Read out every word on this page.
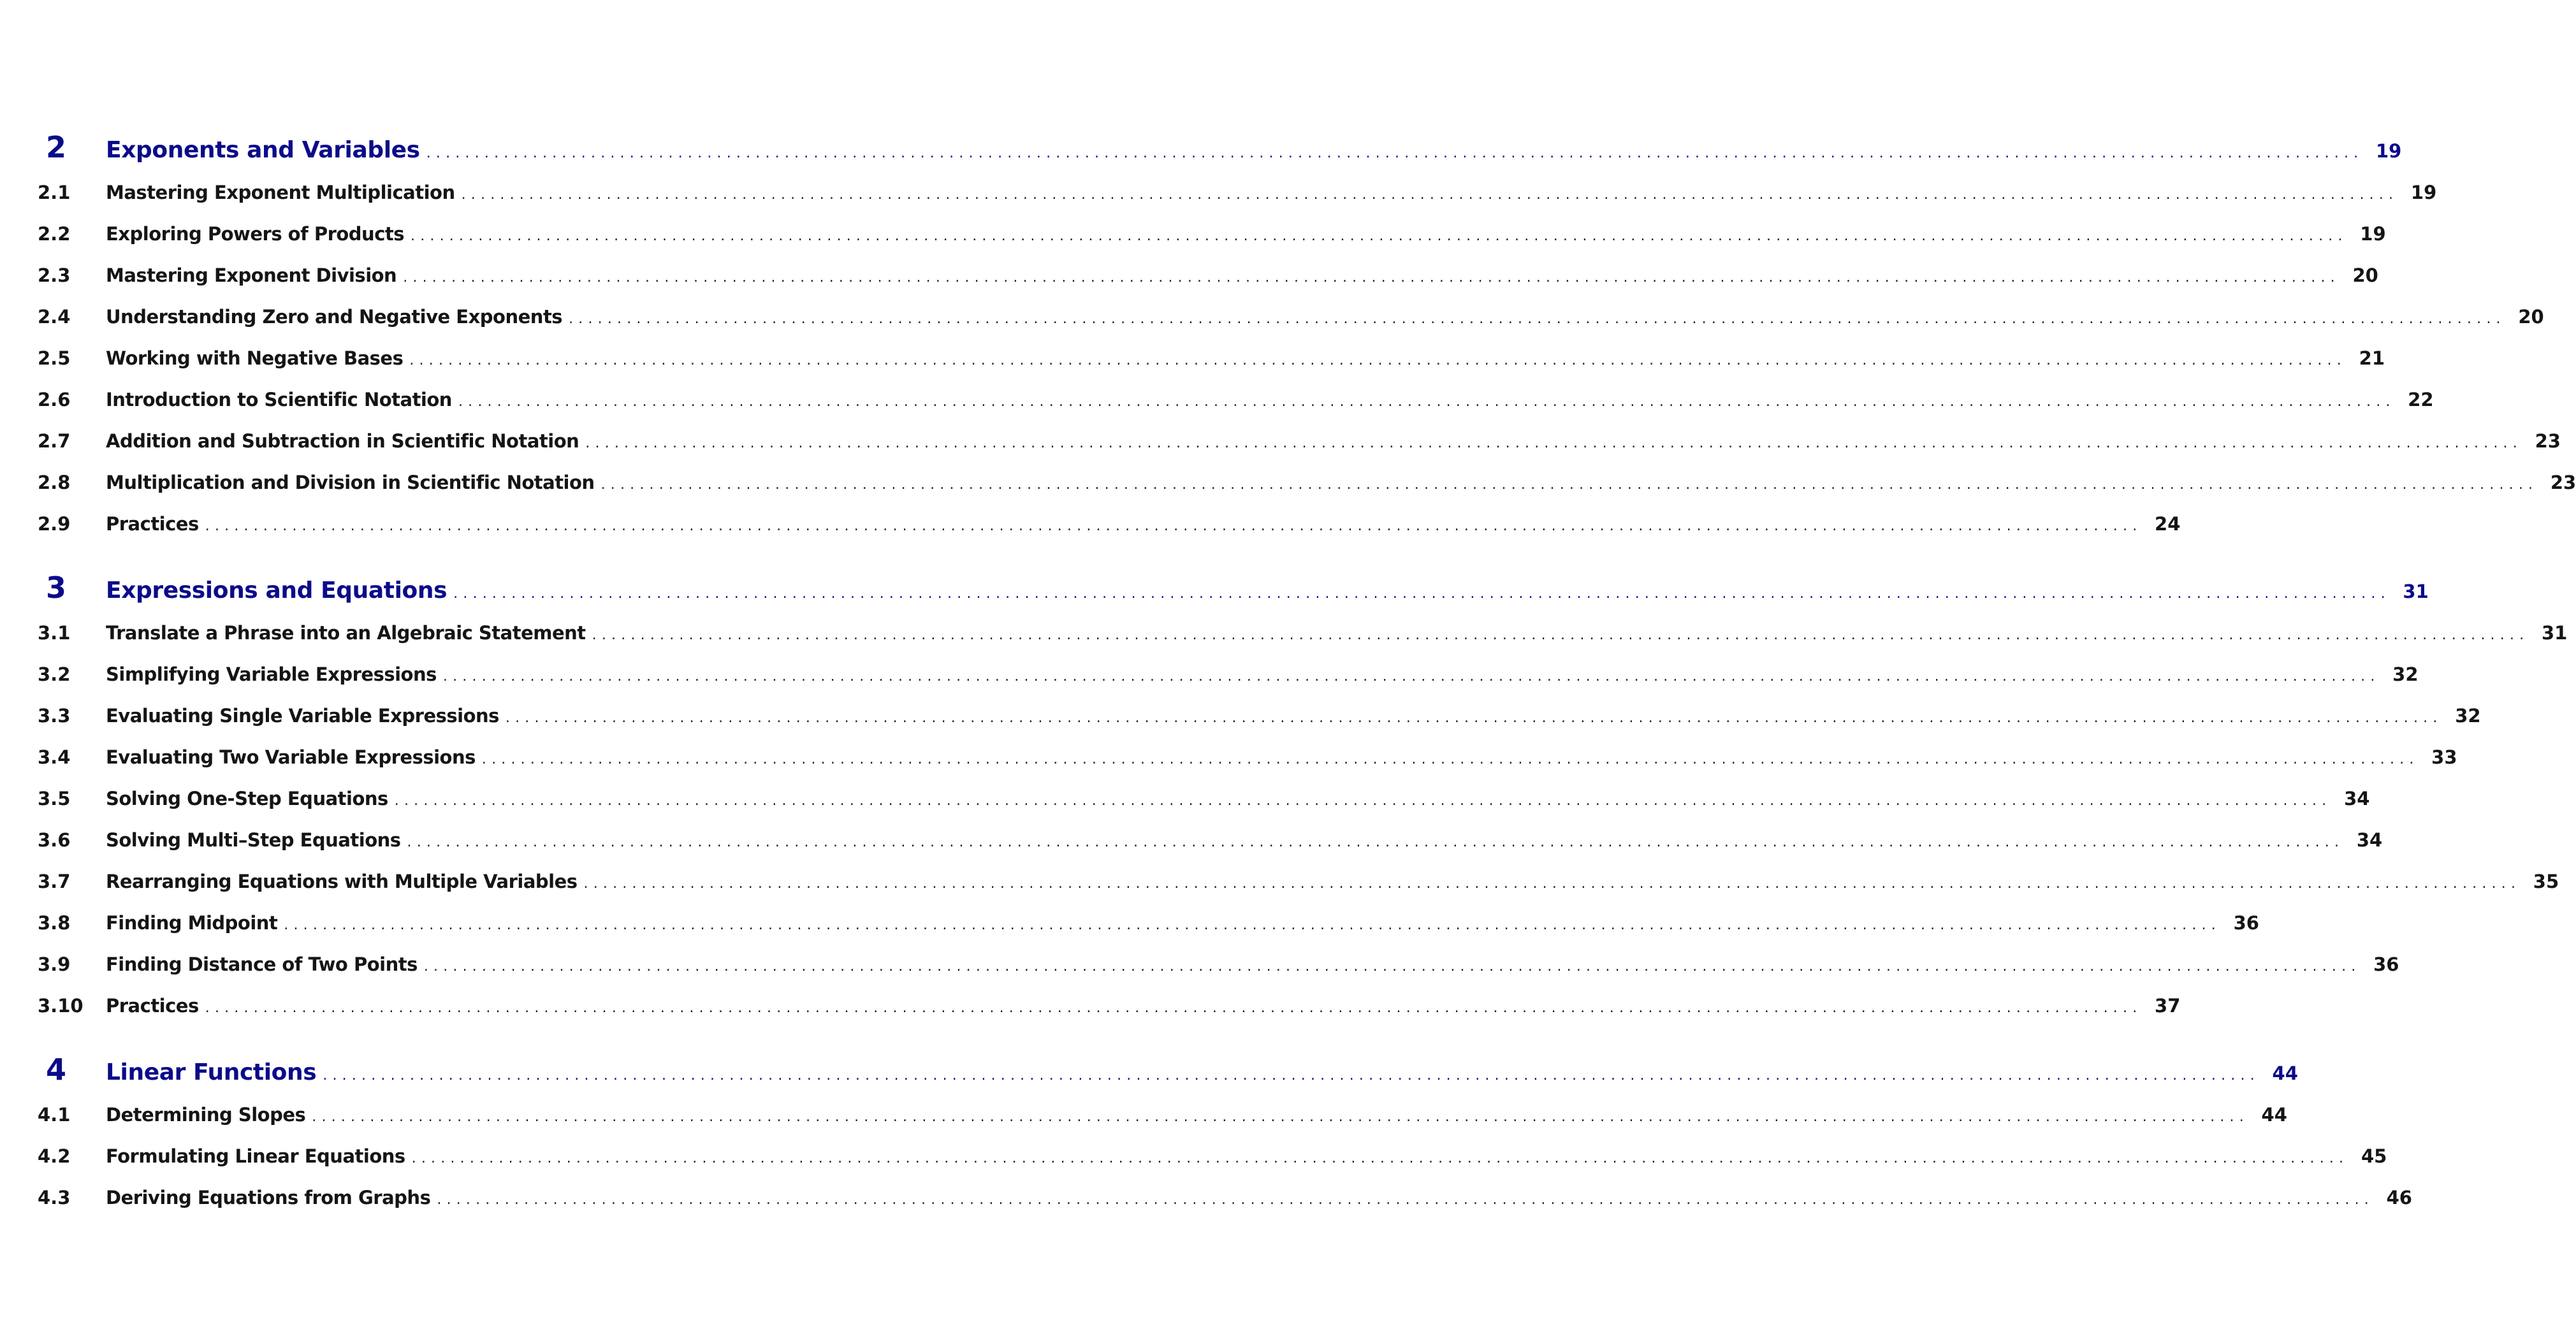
2	Exponents and Variables ........................................................................................................................................................................................................ 19
2.1	Mastering Exponent Multiplication ........................................................................................................................................................................................................ 19
2.2	Exploring Powers of Products ........................................................................................................................................................................................................ 19
2.3	Mastering Exponent Division ........................................................................................................................................................................................................ 20
2.4	Understanding Zero and Negative Exponents ........................................................................................................................................................................................................ 20
2.5	Working with Negative Bases ........................................................................................................................................................................................................ 21
2.6	Introduction to Scientific Notation ........................................................................................................................................................................................................ 22
2.7	Addition and Subtraction in Scientific Notation ........................................................................................................................................................................................................ 23
2.8	Multiplication and Division in Scientific Notation ........................................................................................................................................................................................................ 23
2.9	Practices ........................................................................................................................................................................................................ 24
3	Expressions and Equations ........................................................................................................................................................................................................ 31
3.1	Translate a Phrase into an Algebraic Statement ........................................................................................................................................................................................................ 31
3.2	Simplifying Variable Expressions ........................................................................................................................................................................................................ 32
3.3	Evaluating Single Variable Expressions ........................................................................................................................................................................................................ 32
3.4	Evaluating Two Variable Expressions ........................................................................................................................................................................................................ 33
3.5	Solving One-Step Equations ........................................................................................................................................................................................................ 34
3.6	Solving Multi–Step Equations ........................................................................................................................................................................................................ 34
3.7	Rearranging Equations with Multiple Variables ........................................................................................................................................................................................................ 35
3.8	Finding Midpoint ........................................................................................................................................................................................................ 36
3.9	Finding Distance of Two Points ........................................................................................................................................................................................................ 36
3.10	Practices ........................................................................................................................................................................................................ 37
4	Linear Functions ........................................................................................................................................................................................................ 44
4.1	Determining Slopes ........................................................................................................................................................................................................ 44
4.2	Formulating Linear Equations ........................................................................................................................................................................................................ 45
4.3	Deriving Equations from Graphs ........................................................................................................................................................................................................ 46
